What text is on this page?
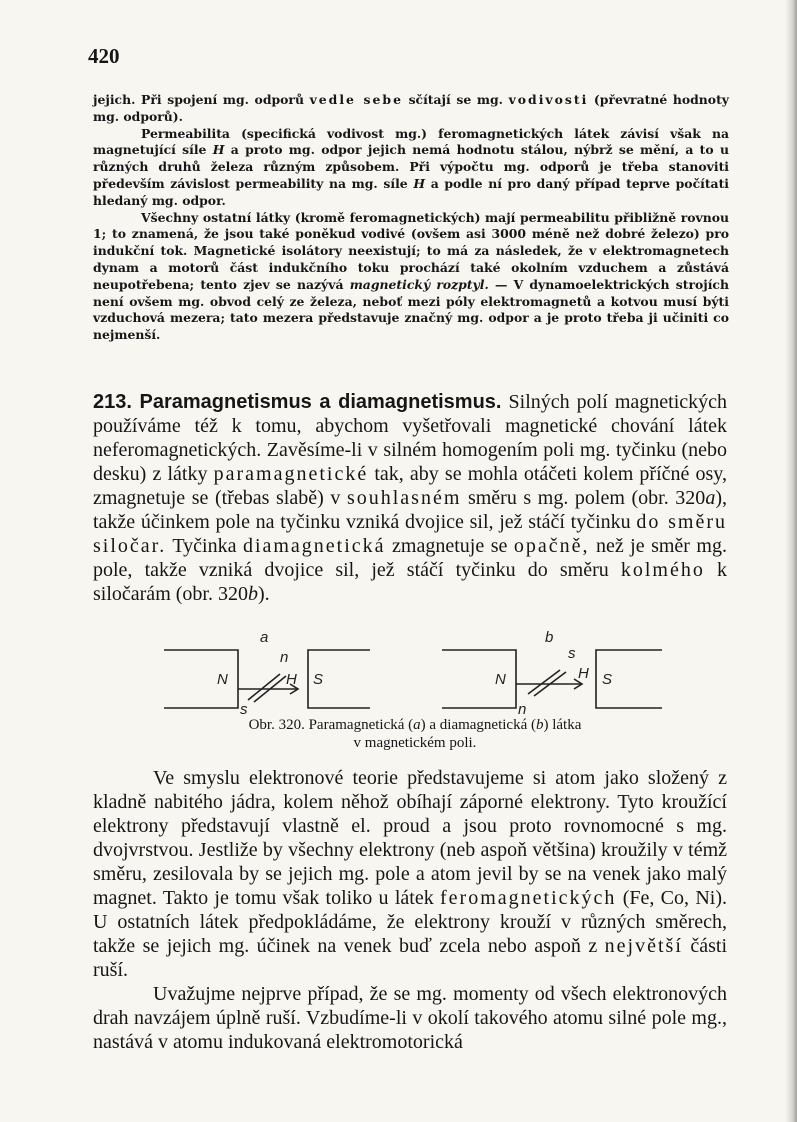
420

jejich. Při spojení mg. odporů vedle sebe sčítají se mg. vodivosti (převratné hodnoty mg. odporů).

Permeabilita (specifická vodivost mg.) feromagnetických látek závisí však na magnetující síle H a proto mg. odpor jejich nemá hodnotu stálou, nýbrž se mění, a to u různých druhů železa různým způsobem. Při výpočtu mg. odporů je třeba stanoviti především závislost permeability na mg. síle H a podle ní pro daný případ teprve počítati hledaný mg. odpor.

Všechny ostatní látky (kromě feromagnetických) mají permeabilitu přibližně rovnou 1; to znamená, že jsou také poněkud vodivé (ovšem asi 3000 méně než dobré železo) pro indukční tok. Magnetické isolátory neexistují; to má za následek, že v elektromagnetech dynam a motorů část indukčního toku prochází také okolním vzduchem a zůstává neupotřebena; tento zjev se nazývá magnetický rozptyl. — V dynamoelektrických strojích není ovšem mg. obvod celý ze železa, neboť mezi póly elektromagnetů a kotvou musí býti vzduchová mezera; tato mezera představuje značný mg. odpor a je proto třeba ji učiniti co nejmenší.

213. Paramagnetismus a diamagnetismus. Silných polí magnetických používáme též k tomu, abychom vyšetřovali magnetické chování látek neferomagnetických. Zavěsíme-li v silném homogením poli mg. tyčinku (nebo desku) z látky paramagnetické tak, aby se mohla otáčeti kolem příčné osy, zmagnetuje se (třebas slabě) v souhlasném směru s mg. polem (obr. 320a), takže účinkem pole na tyčinku vzniká dvojice sil, jež stáčí tyčinku do směru siločar. Tyčinka diamagnetická zmagnetuje se opačně, než je směr mg. pole, takže vzniká dvojice sil, jež stáčí tyčinku do směru kolmého k siločarám (obr. 320b).

a	b
N	S
H
n
s
N	S
H
s
n
Obr. 320. Paramagnetická (a) a diamagnetická (b) látka
v magnetickém poli.

Ve smyslu elektronové teorie představujeme si atom jako složený z kladně nabitého jádra, kolem něhož obíhají záporné elektrony. Tyto kroužící elektrony představují vlastně el. proud a jsou proto rovnomocné s mg. dvojvrstvou. Jestliže by všechny elektrony (neb aspoň většina) kroužily v témž směru, zesilovala by se jejich mg. pole a atom jevil by se na venek jako malý magnet. Takto je tomu však toliko u látek feromagnetických (Fe, Co, Ni). U ostatních látek předpokládáme, že elektrony krouží v různých směrech, takže se jejich mg. účinek na venek buď zcela nebo aspoň z největší části ruší.

Uvažujme nejprve případ, že se mg. momenty od všech elektronových drah navzájem úplně ruší. Vzbudíme-li v okolí takového atomu silné pole mg., nastává v atomu indukovaná elektromotorická
